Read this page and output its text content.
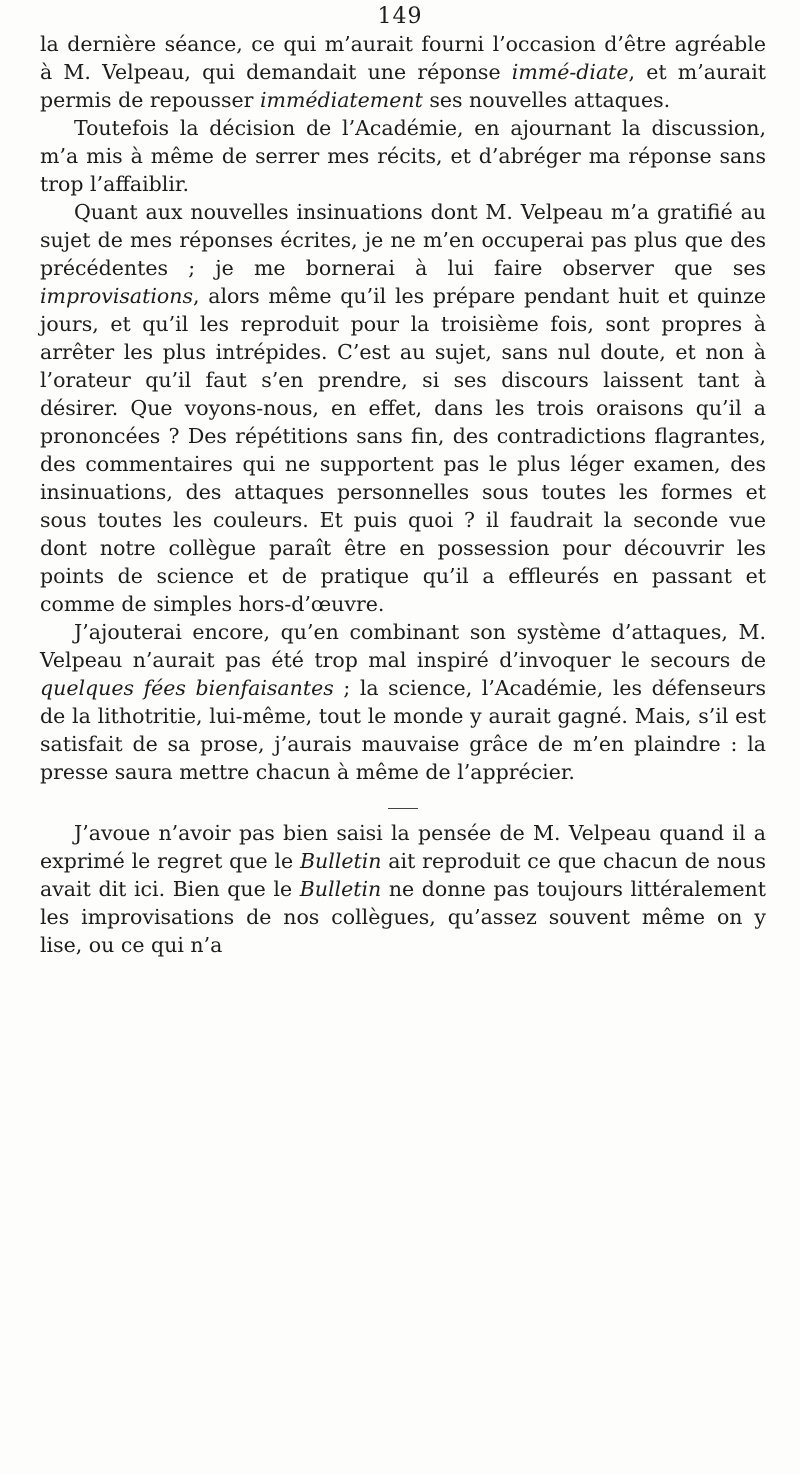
149

la dernière séance, ce qui m’aurait fourni l’occasion d’être agréable à M. Velpeau, qui demandait une réponse immé-diate, et m’aurait permis de repousser immédiatement ses nouvelles attaques.

Toutefois la décision de l’Académie, en ajournant la discussion, m’a mis à même de serrer mes récits, et d’abréger ma réponse sans trop l’affaiblir.

Quant aux nouvelles insinuations dont M. Velpeau m’a gratifié au sujet de mes réponses écrites, je ne m’en occuperai pas plus que des précédentes ; je me bornerai à lui faire observer que ses improvisations, alors même qu’il les prépare pendant huit et quinze jours, et qu’il les reproduit pour la troisième fois, sont propres à arrêter les plus intrépides. C’est au sujet, sans nul doute, et non à l’orateur qu’il faut s’en prendre, si ses discours laissent tant à désirer. Que voyons-nous, en effet, dans les trois oraisons qu’il a prononcées ? Des répétitions sans fin, des contradictions flagrantes, des commentaires qui ne supportent pas le plus léger examen, des insinuations, des attaques personnelles sous toutes les formes et sous toutes les couleurs. Et puis quoi ? il faudrait la seconde vue dont notre collègue paraît être en possession pour découvrir les points de science et de pratique qu’il a effleurés en passant et comme de simples hors-d’œuvre.

J’ajouterai encore, qu’en combinant son système d’attaques, M. Velpeau n’aurait pas été trop mal inspiré d’invoquer le secours de quelques fées bienfaisantes ; la science, l’Académie, les défenseurs de la lithotritie, lui-même, tout le monde y aurait gagné. Mais, s’il est satisfait de sa prose, j’aurais mauvaise grâce de m’en plaindre : la presse saura mettre chacun à même de l’apprécier.

J’avoue n’avoir pas bien saisi la pensée de M. Velpeau quand il a exprimé le regret que le Bulletin ait reproduit ce que chacun de nous avait dit ici. Bien que le Bulletin ne donne pas toujours littéralement les improvisations de nos collègues, qu’assez souvent même on y lise, ou ce qui n’a
